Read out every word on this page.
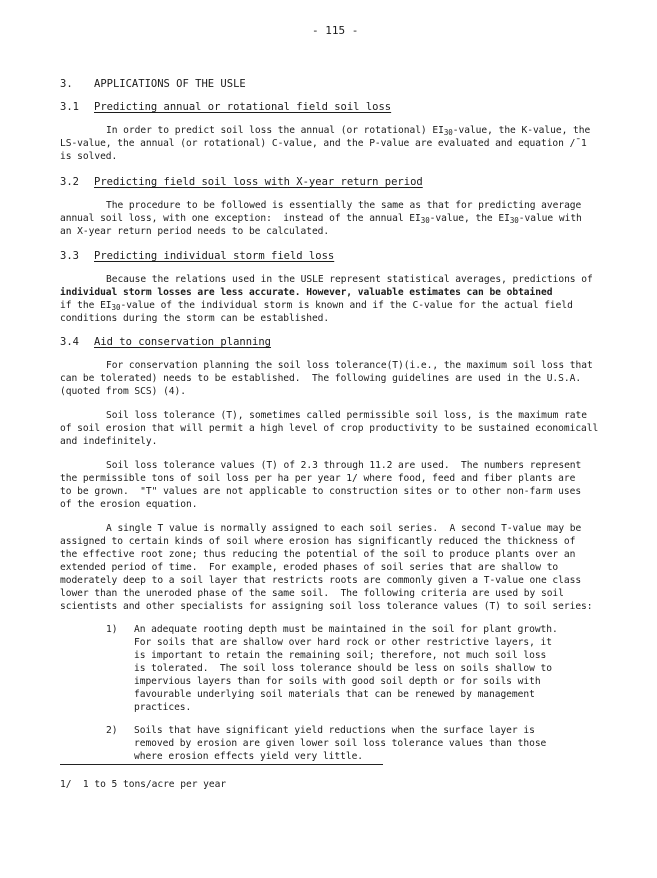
- 115 -
3. APPLICATIONS OF THE USLE
3.1 Predicting annual or rotational field soil loss
In order to predict soil loss the annual (or rotational) $EI_{30}$-value, the K-value, the
LS-value, the annual (or rotational) C-value, and the P-value are evaluated and equation /¯1
is solved.
3.2 Predicting field soil loss with X-year return period
The procedure to be followed is essentially the same as that for predicting average
annual soil loss, with one exception:  instead of the annual $EI_{30}$-value, the $EI_{30}$-value with
an X-year return period needs to be calculated.
3.3 Predicting individual storm field loss
Because the relations used in the USLE represent statistical averages, predictions of
individual storm losses are less accurate. However, valuable estimates can be obtained
if the $EI_{30}$-value of the individual storm is known and if the C-value for the actual field
conditions during the storm can be established.
3.4 Aid to conservation planning
For conservation planning the soil loss tolerance(T)(i.e., the maximum soil loss that
can be tolerated) needs to be established.  The following guidelines are used in the U.S.A.
(quoted from SCS) (4).
Soil loss tolerance (T), sometimes called permissible soil loss, is the maximum rate
of soil erosion that will permit a high level of crop productivity to be sustained economicall
and indefinitely.
Soil loss tolerance values (T) of 2.3 through 11.2 are used.  The numbers represent
the permissible tons of soil loss per ha per year 1/ where food, feed and fiber plants are
to be grown.  "T" values are not applicable to construction sites or to other non-farm uses
of the erosion equation.
A single T value is normally assigned to each soil series.  A second T-value may be
assigned to certain kinds of soil where erosion has significantly reduced the thickness of
the effective root zone; thus reducing the potential of the soil to produce plants over an
extended period of time.  For example, eroded phases of soil series that are shallow to
moderately deep to a soil layer that restricts roots are commonly given a T-value one class
lower than the uneroded phase of the same soil.  The following criteria are used by soil
scientists and other specialists for assigning soil loss tolerance values (T) to soil series:
1) An adequate rooting depth must be maintained in the soil for plant growth.
For soils that are shallow over hard rock or other restrictive layers, it
is important to retain the remaining soil; therefore, not much soil loss
is tolerated.  The soil loss tolerance should be less on soils shallow to
impervious layers than for soils with good soil depth or for soils with
favourable underlying soil materials that can be renewed by management
practices.
2) Soils that have significant yield reductions when the surface layer is
removed by erosion are given lower soil loss tolerance values than those
where erosion effects yield very little.
1/ 1 to 5 tons/acre per year
